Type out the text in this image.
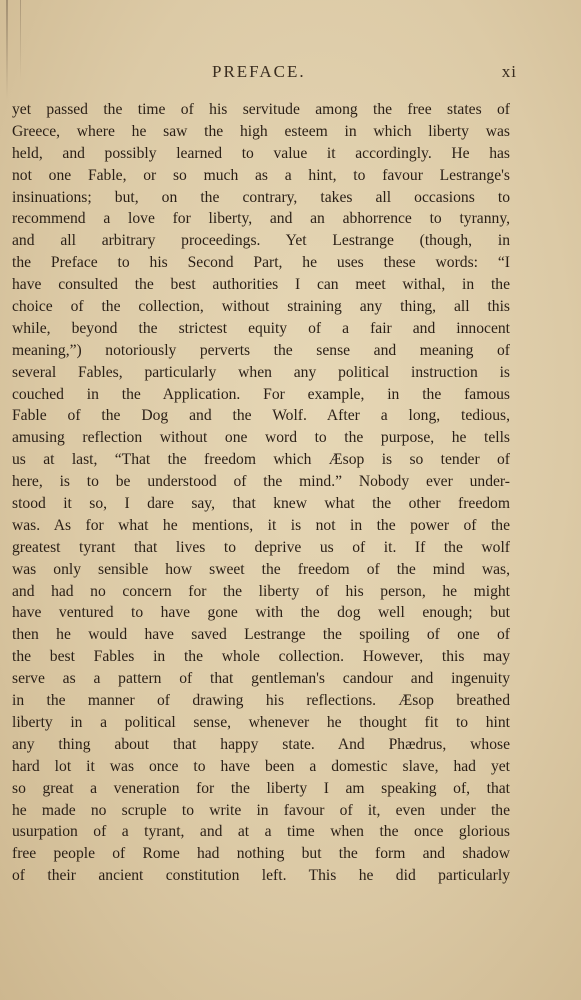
PREFACE.	xi
yet passed the time of his servitude among the free states of
Greece, where he saw the high esteem in which liberty was
held, and possibly learned to value it accordingly. He has
not one Fable, or so much as a hint, to favour Lestrange's
insinuations; but, on the contrary, takes all occasions to
recommend a love for liberty, and an abhorrence to tyranny,
and all arbitrary proceedings. Yet Lestrange (though, in
the Preface to his Second Part, he uses these words: “I
have consulted the best authorities I can meet withal, in the
choice of the collection, without straining any thing, all this
while, beyond the strictest equity of a fair and innocent
meaning,”) notoriously perverts the sense and meaning of
several Fables, particularly when any political instruction is
couched in the Application. For example, in the famous
Fable of the Dog and the Wolf. After a long, tedious,
amusing reflection without one word to the purpose, he tells
us at last, “That the freedom which Æsop is so tender of
here, is to be understood of the mind.” Nobody ever under-
stood it so, I dare say, that knew what the other freedom
was. As for what he mentions, it is not in the power of the
greatest tyrant that lives to deprive us of it. If the wolf
was only sensible how sweet the freedom of the mind was,
and had no concern for the liberty of his person, he might
have ventured to have gone with the dog well enough; but
then he would have saved Lestrange the spoiling of one of
the best Fables in the whole collection. However, this may
serve as a pattern of that gentleman's candour and ingenuity
in the manner of drawing his reflections. Æsop breathed
liberty in a political sense, whenever he thought fit to hint
any thing about that happy state. And Phædrus, whose
hard lot it was once to have been a domestic slave, had yet
so great a veneration for the liberty I am speaking of, that
he made no scruple to write in favour of it, even under the
usurpation of a tyrant, and at a time when the once glorious
free people of Rome had nothing but the form and shadow
of their ancient constitution left. This he did particularly
